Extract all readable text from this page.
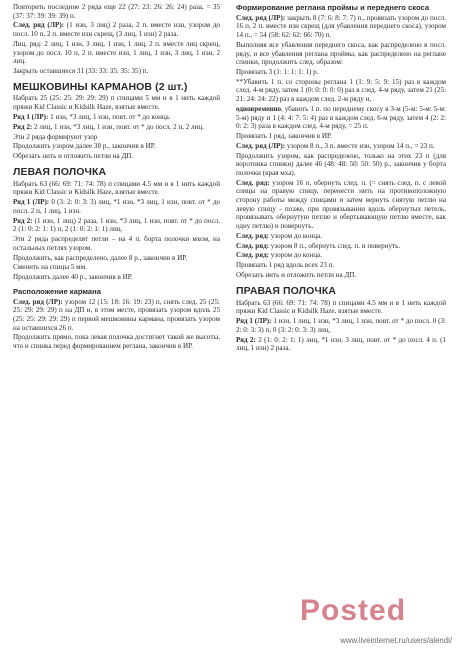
Повторить последние 2 ряда еще 22 (27: 23: 26: 26: 24) раза, = 35 (37: 37: 39: 39: 39) п.

След. ряд (ЛР): (1 изн, 3 лиц) 2 раза, 2 п. вместе изн, узором до посл. 10 п, 2 п. вместе изн скрещ, (3 лиц, 1 изн) 2 раза.

Лиц. ряд: 2 лиц, 1 изн, 3 лиц, 1 изн, 1 лиц, 2 п. вместе лиц скрещ, узором до посл. 10 п, 2 п. вместе изн, 1 лиц, 1 изн, 3 лиц, 1 изн, 2 лиц.

Закрыть оставшиеся 31 (33: 33: 35: 35: 35) п.

МЕШКОВИНЫ КАРМАНОВ (2 шт.)

Набрать 25 (25: 25: 29: 29: 29) п спицами 5 мм и в 1 нить каждой пряжи Kid Classic и Kidsilk Haze, взятые вместе.

Ряд 1 (ЛР): 1 изн, *3 лиц, 1 изн, повт. от * до конца.

Ряд 2: 2 лиц, 1 изн, *3 лиц, 1 изн, повт. от * до посл. 2 п, 2 лиц.

Эти 2 ряда формируют узор

Продолжить узором далее 38 р., закончив в ИР.

Обрезать нить и отложить петли на ДП.

ЛЕВАЯ ПОЛОЧКА

Набрать 63 (66: 69: 71: 74: 78) п спицами 4.5 мм и в 1 нить каждой пряжи Kid Classic и Kidsilk Haze, взятые вместе.

Ряд 1 (ЛР): 0 (3: 2: 0: 3: 3) лиц, *1 изн, *3 лиц, 1 изн, повт. от * до посл. 2 п, 1 лиц, 1 изн.

Ряд 2: (1 изн, 1 лиц) 2 раза, 1 изн, *3 лиц, 1 изн, повт. от * до посл. 2 (1: 0: 2: 1: 1) п, 2 (1: 0: 2: 1: 1) лиц.

Эти 2 ряда распределят петли – на 4 п. борта полочки мхом, на остальных петлях узором.

Продолжить, как распределено, далее 8 р., закончив в ИР.

Сменить на спицы 5 мм.

Продолжить далее 40 р., закончив в ИР.

Расположение кармана

След. ряд (ЛР): узором 12 (15: 18: 16: 19: 23) п, снять след. 25 (25: 25: 29: 29: 29) п на ДП и, в этом месте, провязать узором вдоль 25 (25: 25: 29: 29: 29) п первой мешковины кармана, провязать узором на оставшихся 26 п.

Продолжить прямо, пока левая полочка достигнет такой же высоты, что и спинка перед формированием реглана, закончив в ИР.

Формирование реглана проймы и переднего скоса

След. ряд (ЛР): закрыть 8 (7: 6: 8: 7: 7) п., провязать узором до посл. 16 п, 2 п. вместе изн скрещ (для убавления переднего скоса), узором 14 п., = 54 (58: 62: 62: 66: 70) п.

Выполняя все убавления переднего скоса, как распределено в посл. ряду, и все убавления реглана проймы, как распределено на реглане спинки, продолжить след. образом:

Провязать 3 (1: 1: 1: 1: 1) р.

**Убавить 1 п. со стороны реглана 1 (1: 9: 5: 9: 15) раз в каждом след. 4-м ряду, затем 1 (0: 0: 0: 0: 0) раз в след. 4-м ряду, затем 21 (25: 21: 24: 24: 22) раз в каждом след. 2-м ряду и,

одновременно, убавить 1 п. по переднему скосу в 3-м (5-м: 5-м: 5-м: 5-м) ряду и 1 (4: 4: 7: 5: 4) раз в каждом след. 6-м ряду, затем 4 (2: 2: 0: 2: 3) раза в каждом след. 4-м ряду, = 25 п.

Провязать 1 ряд, закончив в ИР.

След. ряд (ЛР): узором 8 п., 3 п. вместе изн, узором 14 п., = 23 п.

Продолжить узором, как распределено, только на этих 23 п (для воротника спинки) далее 46 (48: 48: 50: 50: 50) р., закончив у борта полочки (края мха).

След. ряд: узором 16 п, обернуть след. п. (= снять след. п. с левой спицы на правую спицу, перенести нить на противоположную сторону работы между спицами и затем вернуть снятую петлю на левую спицу - позже, при провязывании вдоль обернутых петель, провязывать обернутую петлю и обертывающую петлю вместе, как одну петлю) и повернуть.

След. ряд: узором до конца.

След. ряд: узором 8 п., обернуть след. п. и повернуть.

След. ряд: узором до конца.

Провязать 1 ряд вдоль всех 23 п.

Обрезать нить и отложить петли на ДП.

ПРАВАЯ ПОЛОЧКА

Набрать 63 (66: 69: 71: 74: 78) п спицами 4.5 мм и в 1 нить каждой пряжи Kid Classic и Kidsilk Haze, взятые вместе.

Ряд 1 (ЛР): 1 изн, 1 лиц, 1 изн, *3 лиц, 1 изн, повт. от * до посл. 0 (3: 2: 0: 3: 3) п, 0 (3: 2: 0: 3: 3) лиц.

Ряд 2: 2 (1: 0: 2: 1: 1) лиц, *1 изн, 3 лиц, повт. от * до посл. 4 п. (1 лиц, 1 изн) 2 раза.

Posted
www.liveinternet.ru/users/alendi/
